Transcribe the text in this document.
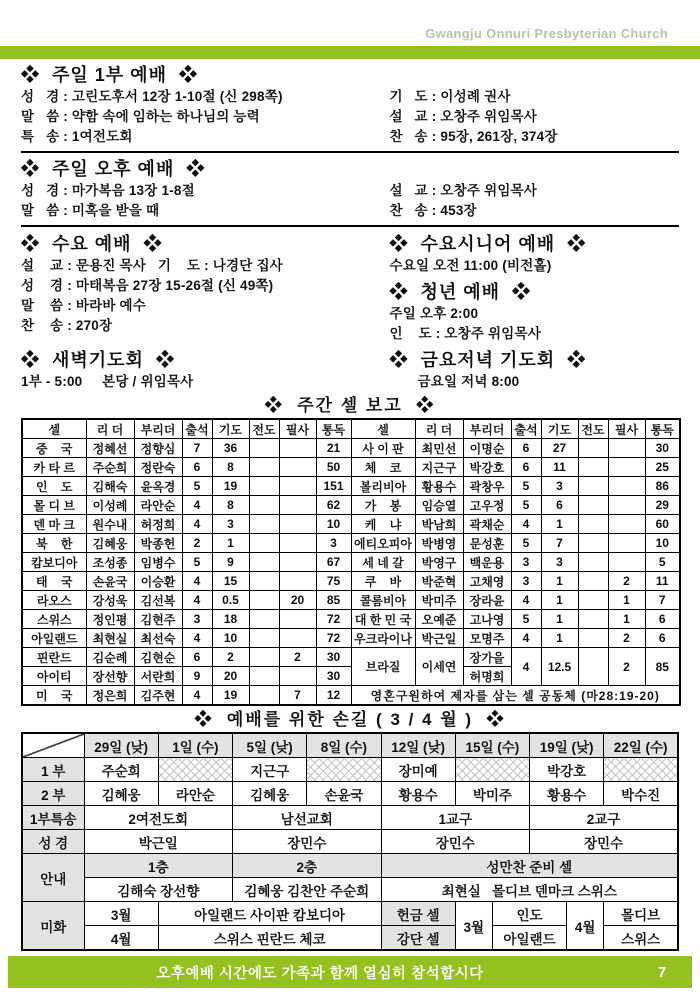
Gwangju Onnuri Presbyterian Church
❖  주일 1부 예배  ❖
성   경 : 고린도후서 12장 1-10절 (신 298쪽)
말   씀 : 약함 속에 임하는 하나님의 능력
특   송 : 1여전도회
기   도 : 이성례 권사
설   교 : 오창주 위임목사
찬   송 : 95장, 261장, 374장
❖  주일 오후 예배  ❖
성   경 : 마가복음 13장 1-8절
말   씀 : 미혹을 받을 때
설   교 : 오창주 위임목사
찬   송 : 453장
❖  수요 예배  ❖
설    교 : 문용진 목사   기    도 : 나경단 집사
성    경 : 마태복음 27장 15-26절 (신 49쪽)
말    씀 : 바라바 예수
찬    송 : 270장
❖  수요시니어 예배  ❖
수요일 오전 11:00 (비전홀)
❖  청년 예배  ❖
주일 오후 2:00
인    도 : 오창주 위임목사
❖  새벽기도회  ❖
1부 - 5:00     본당 / 위임목사
❖  금요저녁 기도회  ❖
금요일 저녁 8:00
❖  주간 셀 보고  ❖
셀	리 더	부리더	출석	기도	전도	필사	통독	셀	리 더	부리더	출석	기도	전도	필사	통독
중    국	정혜선	정향심	7	36			21	사 이 판	최민선	이명순	6	27			30
카 타 르	주순희	정란숙	6	8			50	체    코	지근구	박강호	6	11			25
인    도	김해숙	윤옥경	5	19			151	볼리비아	황용수	곽창우	5	3			86
몰 디 브	이성례	라안순	4	8			62	가    봉	임승열	고우정	5	6			29
덴 마 크	원수내	허정희	4	3			10	케    냐	박남희	곽채순	4	1			60
북    한	김혜웅	박종헌	2	1			3	에티오피아	박병영	문성훈	5	7			10
캄보디아	조성종	임병수	5	9			67	세 네 갈	박영구	백운용	3	3			5
태    국	손윤국	이승환	4	15			75	쿠    바	박준혁	고채영	3	1		2	11
라오스	강성욱	김선복	4	0.5		20	85	콜롬비아	박미주	장라윤	4	1		1	7
스위스	정인평	김현주	3	18			72	대 한 민 국	오예준	고나영	5	1		1	6
아일랜드	최현실	최선숙	4	10			72	우크라이나	박근일	모명주	4	1		2	6
핀란드	김순례	김현순	6	2		2	30	브라질	이세연	장가을	4	12.5		2	85
아이티	장선향	서란희	9	20			30			허명희					
미    국	정은희	김주현	4	19		7	12	영혼구원하여 제자를 삼는 셀 공동체 (마28:19-20)							
❖  예배를 위한 손길 ( 3 / 4 월 )  ❖
	29일 (낮)	1일 (수)	5일 (낮)	8일 (수)	12일 (낮)	15일 (수)		19일 (낮)		22일 (수)
1 부	주순희		지근구		장미예			박강호		
2 부	김혜웅	라안순	김혜웅	손윤국	황용수	박미주		황용수		박수진
1부특송	2여전도회		남선교회		1교구			2교구		
성 경	박근일		장민수		장민수			장민수		
안내	1층		2층		성만찬 준비 셀					
	김해숙 장선향		김혜웅 김찬안 주순희		최현실   몰디브 덴마크 스위스					
미화	3월	아일랜드 사이판 캄보디아			헌금 셀	3월	인도		4월	몰디브
	4월	스위스 핀란드 체코			강단 셀		아일랜드			스위스
오후예배 시간에도 가족과 함께 열심히 참석합시다	7
